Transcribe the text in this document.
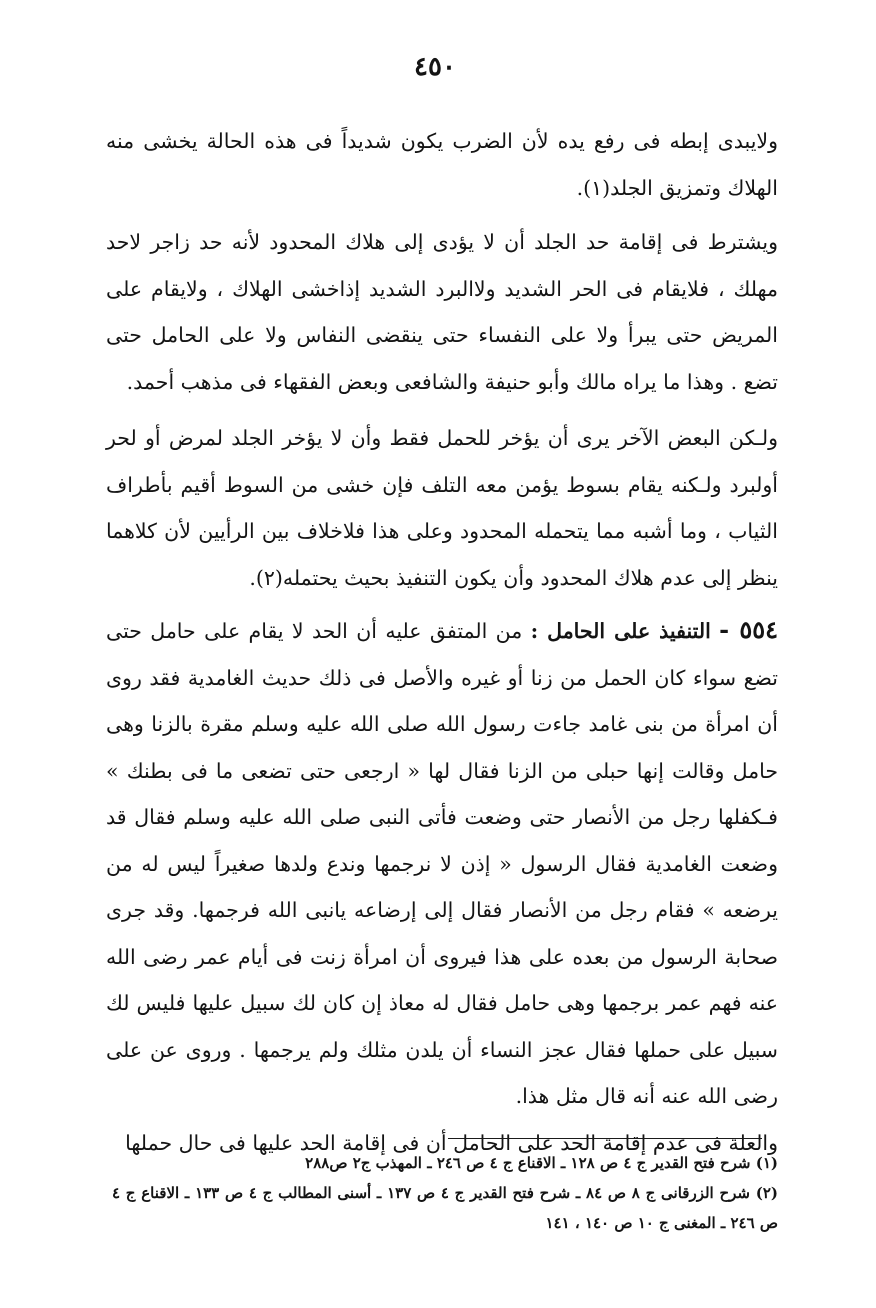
٤٥٠

ولايبدى إبطه فى رفع يده لأن الضرب يكون شديداً فى هذه الحالة يخشى منه الهلاك وتمزيق الجلد(١).

ويشترط فى إقامة حد الجلد أن لا يؤدى إلى هلاك المحدود لأنه حد زاجر لاحد مهلك ، فلايقام فى الحر الشديد ولاالبرد الشديد إذاخشى الهلاك ، ولايقام على المريض حتى يبرأ ولا على النفساء حتى ينقضى النفاس ولا على الحامل حتى تضع . وهذا ما يراه مالك وأبو حنيفة والشافعى وبعض الفقهاء فى مذهب أحمد.

ولـكن البعض الآخر يرى أن يؤخر للحمل فقط وأن لا يؤخر الجلد لمرض أو لحر أولبرد ولـكنه يقام بسوط يؤمن معه التلف فإن خشى من السوط أقيم بأطراف الثياب ، وما أشبه مما يتحمله المحدود وعلى هذا فلاخلاف بين الرأيين لأن كلاهما ينظر إلى عدم هلاك المحدود وأن يكون التنفيذ بحيث يحتمله(٢).

٥٥٤ - التنفيذ على الحامل : من المتفق عليه أن الحد لا يقام على حامل حتى تضع سواء كان الحمل من زنا أو غيره والأصل فى ذلك حديث الغامدية فقد روى أن امرأة من بنى غامد جاءت رسول الله صلى الله عليه وسلم مقرة بالزنا وهى حامل وقالت إنها حبلى من الزنا فقال لها « ارجعى حتى تضعى ما فى بطنك » فـكفلها رجل من الأنصار حتى وضعت فأتى النبى صلى الله عليه وسلم فقال قد وضعت الغامدية فقال الرسول « إذن لا نرجمها وندع ولدها صغيراً ليس له من يرضعه » فقام رجل من الأنصار فقال إلى إرضاعه يانبى الله فرجمها. وقد جرى صحابة الرسول من بعده على هذا فيروى أن امرأة زنت فى أيام عمر رضى الله عنه فهم عمر برجمها وهى حامل فقال له معاذ إن كان لك سبيل عليها فليس لك سبيل على حملها فقال عجز النساء أن يلدن مثلك ولم يرجمها . وروى عن على رضى الله عنه أنه قال مثل هذا.

والعلة فى عدم إقامة الحد على الحامل أن فى إقامة الحد عليها فى حال حملها

(١) شرح فتح القدير ج ٤ ص ١٢٨ ـ الاقناع ج ٤ ص ٢٤٦ ـ المهذب ج٢ ص٢٨٨

(٢) شرح الزرقانى ج ٨ ص ٨٤ ـ شرح فتح القدير ج ٤ ص ١٣٧ ـ أسنى المطالب ج ٤ ص ١٣٣ ـ الاقناع ج ٤ ص ٢٤٦ ـ المغنى ج ١٠ ص ١٤٠ ، ١٤١
